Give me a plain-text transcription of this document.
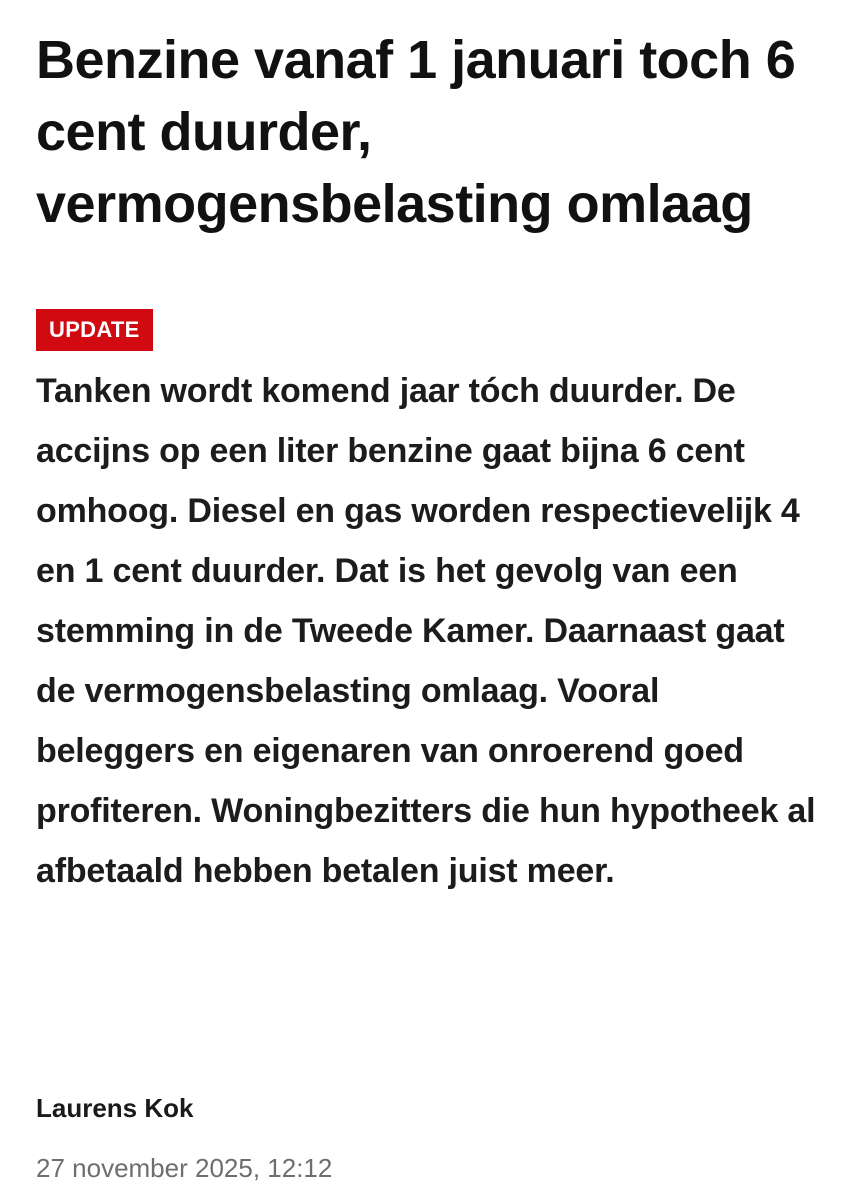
Benzine vanaf 1 januari toch 6 cent duurder, vermogensbelasting omlaag
UPDATE

Tanken wordt komend jaar tóch duurder. De accijns op een liter benzine gaat bijna 6 cent omhoog. Diesel en gas worden respectievelijk 4 en 1 cent duurder. Dat is het gevolg van een stemming in de Tweede Kamer. Daarnaast gaat de vermogensbelasting omlaag. Vooral beleggers en eigenaren van onroerend goed profiteren. Woningbezitters die hun hypotheek al afbetaald hebben betalen juist meer.

Laurens Kok
27 november 2025, 12:12
